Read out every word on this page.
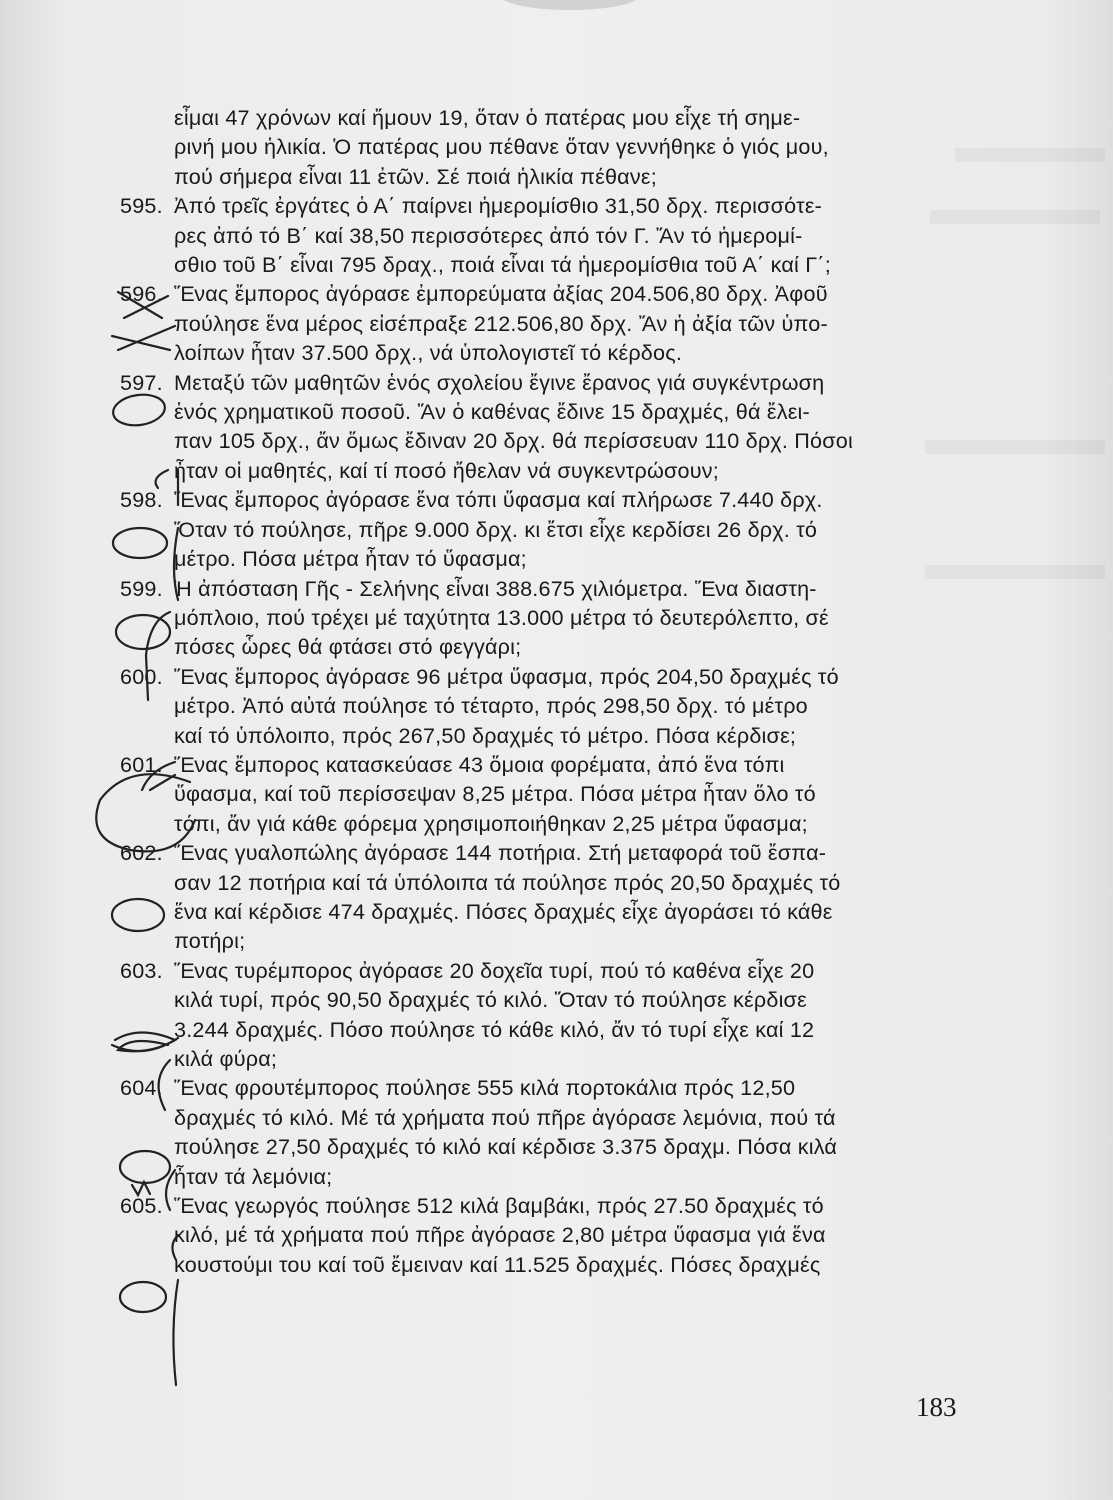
εἶμαι 47 χρόνων καί ἤμουν 19, ὅταν ὁ πατέρας μου εἶχε τή σημε-
ρινή μου ἡλικία. Ὁ πατέρας μου πέθανε ὅταν γεννήθηκε ὁ γιός μου,
πού σήμερα εἶναι 11 ἐτῶν. Σέ ποιά ἡλικία πέθανε;
595. Ἀπό τρεῖς ἐργάτες ὁ Α΄ παίρνει ἡμερομίσθιο 31,50 δρχ. περισσότε-
ρες ἀπό τό Β΄ καί 38,50 περισσότερες ἀπό τόν Γ. Ἄν τό ἡμερομί-
σθιο τοῦ Β΄ εἶναι 795 δραχ., ποιά εἶναι τά ἡμερομίσθια τοῦ Α΄ καί Γ΄;
596. Ἕνας ἔμπορος ἀγόρασε ἐμπορεύματα ἀξίας 204.506,80 δρχ. Ἀφοῦ
πούλησε ἕνα μέρος εἰσέπραξε 212.506,80 δρχ. Ἄν ἡ ἀξία τῶν ὑπο-
λοίπων ἦταν 37.500 δρχ., νά ὑπολογιστεῖ τό κέρδος.
597. Μεταξύ τῶν μαθητῶν ἑνός σχολείου ἔγινε ἔρανος γιά συγκέντρωση
ἑνός χρηματικοῦ ποσοῦ. Ἄν ὁ καθένας ἔδινε 15 δραχμές, θά ἔλει-
παν 105 δρχ., ἄν ὅμως ἔδιναν 20 δρχ. θά περίσσευαν 110 δρχ. Πόσοι
ἦταν οἱ μαθητές, καί τί ποσό ἤθελαν νά συγκεντρώσουν;
598. Ἕνας ἔμπορος ἀγόρασε ἕνα τόπι ὕφασμα καί πλήρωσε 7.440 δρχ.
Ὅταν τό πούλησε, πῆρε 9.000 δρχ. κι ἔτσι εἶχε κερδίσει 26 δρχ. τό
μέτρο. Πόσα μέτρα ἦταν τό ὕφασμα;
599. Ἡ ἀπόσταση Γῆς - Σελήνης εἶναι 388.675 χιλιόμετρα. Ἕνα διαστη-
μόπλοιο, πού τρέχει μέ ταχύτητα 13.000 μέτρα τό δευτερόλεπτο, σέ
πόσες ὧρες θά φτάσει στό φεγγάρι;
600. Ἕνας ἔμπορος ἀγόρασε 96 μέτρα ὕφασμα, πρός 204,50 δραχμές τό
μέτρο. Ἀπό αὐτά πούλησε τό τέταρτο, πρός 298,50 δρχ. τό μέτρο
καί τό ὑπόλοιπο, πρός 267,50 δραχμές τό μέτρο. Πόσα κέρδισε;
601. Ἕνας ἔμπορος κατασκεύασε 43 ὅμοια φορέματα, ἀπό ἕνα τόπι
ὕφασμα, καί τοῦ περίσσεψαν 8,25 μέτρα. Πόσα μέτρα ἦταν ὅλο τό
τόπι, ἄν γιά κάθε φόρεμα χρησιμοποιήθηκαν 2,25 μέτρα ὕφασμα;
602. Ἕνας γυαλοπώλης ἀγόρασε 144 ποτήρια. Στή μεταφορά τοῦ ἔσπα-
σαν 12 ποτήρια καί τά ὑπόλοιπα τά πούλησε πρός 20,50 δραχμές τό
ἕνα καί κέρδισε 474 δραχμές. Πόσες δραχμές εἶχε ἀγοράσει τό κάθε
ποτήρι;
603. Ἕνας τυρέμπορος ἀγόρασε 20 δοχεῖα τυρί, πού τό καθένα εἶχε 20
κιλά τυρί, πρός 90,50 δραχμές τό κιλό. Ὅταν τό πούλησε κέρδισε
3.244 δραχμές. Πόσο πούλησε τό κάθε κιλό, ἄν τό τυρί εἶχε καί 12
κιλά φύρα;
604. Ἕνας φρουτέμπορος πούλησε 555 κιλά πορτοκάλια πρός 12,50
δραχμές τό κιλό. Μέ τά χρήματα πού πῆρε ἀγόρασε λεμόνια, πού τά
πούλησε 27,50 δραχμές τό κιλό καί κέρδισε 3.375 δραχμ. Πόσα κιλά
ἦταν τά λεμόνια;
605. Ἕνας γεωργός πούλησε 512 κιλά βαμβάκι, πρός 27.50 δραχμές τό
κιλό, μέ τά χρήματα πού πῆρε ἀγόρασε 2,80 μέτρα ὕφασμα γιά ἕνα
κουστούμι του καί τοῦ ἔμειναν καί 11.525 δραχμές. Πόσες δραχμές
183
